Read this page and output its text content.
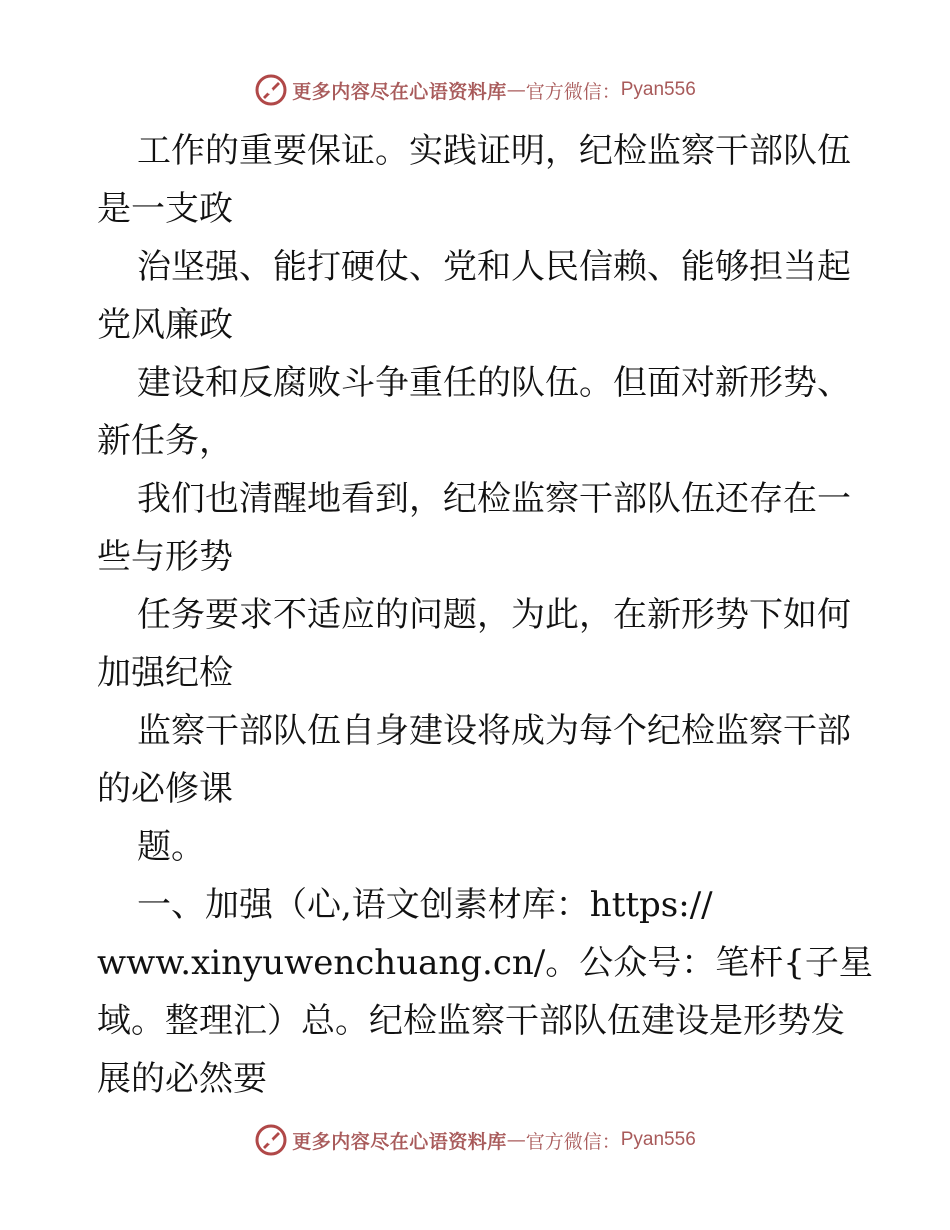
更多内容尽在心语资料库 — 官方微信： Pyan556
工作的重要保证。实践证明，纪检监察干部队伍
是一支政
治坚强、能打硬仗、党和人民信赖、能够担当起
党风廉政
建设和反腐败斗争重任的队伍。但面对新形势、
新任务，
我们也清醒地看到，纪检监察干部队伍还存在一
些与形势
任务要求不适应的问题，为此，在新形势下如何
加强纪检
监察干部队伍自身建设将成为每个纪检监察干部
的必修课
题。
一、加强（心,语文创素材库：https://
www.xinyuwenchuang.cn/。公众号：笔杆{子星
域。整理汇）总。纪检监察干部队伍建设是形势发
展的必然要
更多内容尽在心语资料库 — 官方微信： Pyan556
